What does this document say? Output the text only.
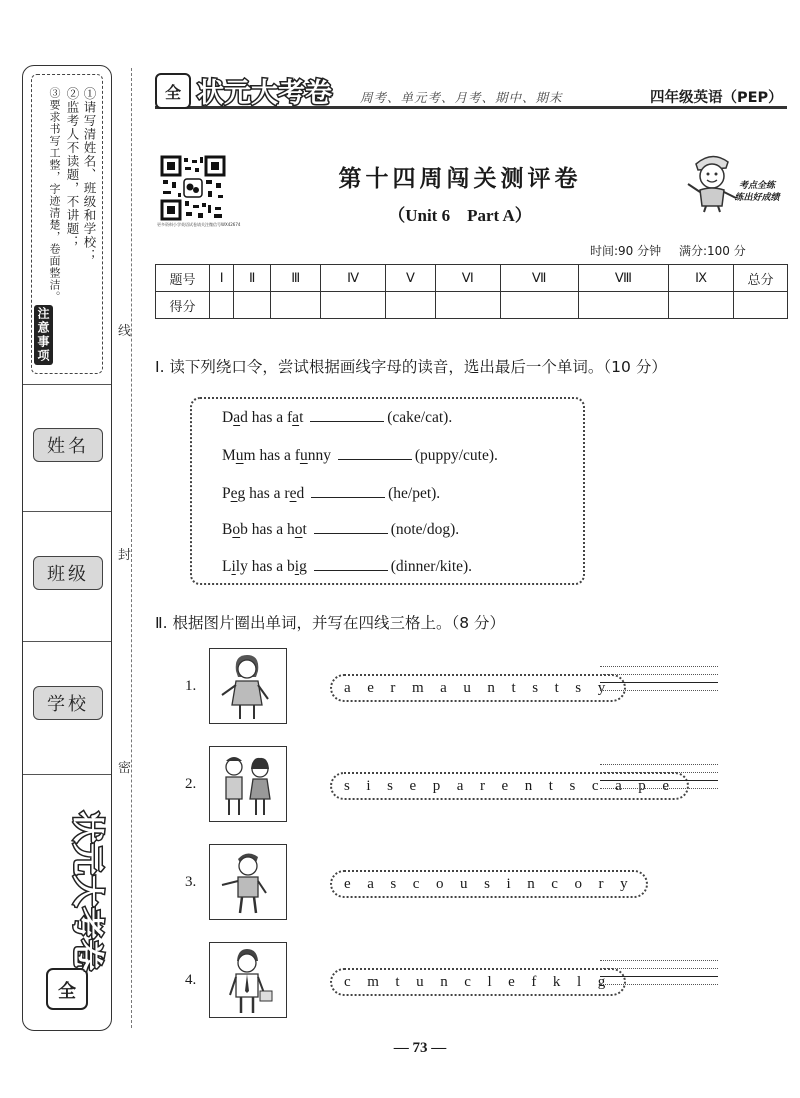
①请写清姓名、班级和学校；
②监考人不读题，不讲题；
③要求书写工整，字迹清楚，卷面整洁。
注意事项
姓名
班级
学校
全
状元大考卷
线
封
密
全 状元大考卷 周考、单元考、月考、期中、期末	四年级英语（PEP）
更多资料小学英语试卷请关注微信号WX42674
第十四周闯关测评卷
（Unit 6　Part A）
考点全练
练出好成绩
时间:90 分钟 满分:100 分
题号	Ⅰ	Ⅱ	Ⅲ	Ⅳ	Ⅴ	Ⅵ	Ⅶ	Ⅷ	Ⅸ	总分
得分										
Ⅰ. 读下列绕口令，尝试根据画线字母的读音，选出最后一个单词。（10 分）
Dad has a fat	(cake/cat).
Mum has a funny	(puppy/cute).
Peg has a red	(he/pet).
Bob has a hot	(note/dog).
Lily has a big	(dinner/kite).
Ⅱ. 根据图片圈出单词，并写在四线三格上。（8 分）
1.	a e r m a u n t s t s y
2.	s i s e p a r e n t s c a p e
3.	e a s c o u s i n c o r y
4.	c m t u n c l e f k l g
— 73 —
